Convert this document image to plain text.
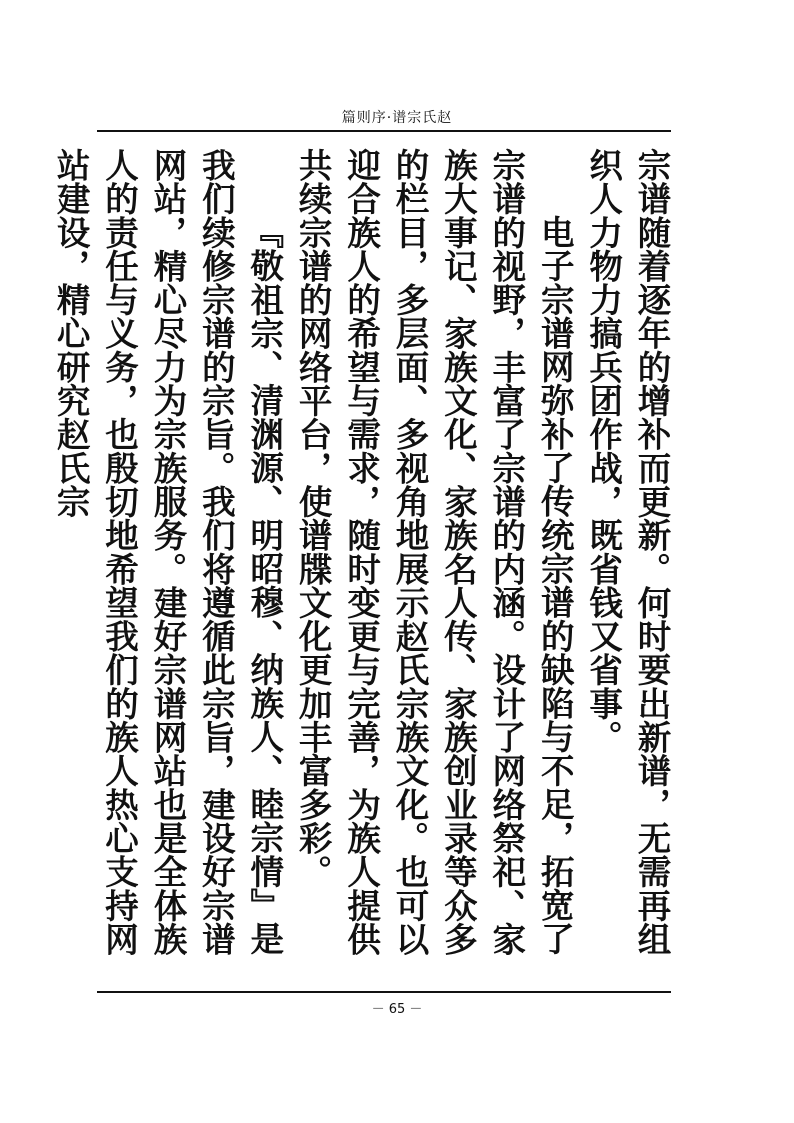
篇则序·谱宗氏赵

宗谱随着逐年的增补而更新。何时要出新谱，无需再组织人力物力搞兵团作战，既省钱又省事。

电子宗谱网弥补了传统宗谱的缺陷与不足，拓宽了宗谱的视野，丰富了宗谱的内涵。设计了网络祭祀、家族大事记、家族文化、家族名人传、家族创业录等众多的栏目，多层面、多视角地展示赵氏宗族文化。也可以迎合族人的希望与需求，随时变更与完善，为族人提供共续宗谱的网络平台，使谱牒文化更加丰富多彩。

『敬祖宗、清渊源、明昭穆、纳族人、睦宗情』是我们续修宗谱的宗旨。我们将遵循此宗旨，建设好宗谱网站，精心尽力为宗族服务。建好宗谱网站也是全体族人的责任与义务，也殷切地希望我们的族人热心支持网站建设，精心研究赵氏宗

－ 65 －
